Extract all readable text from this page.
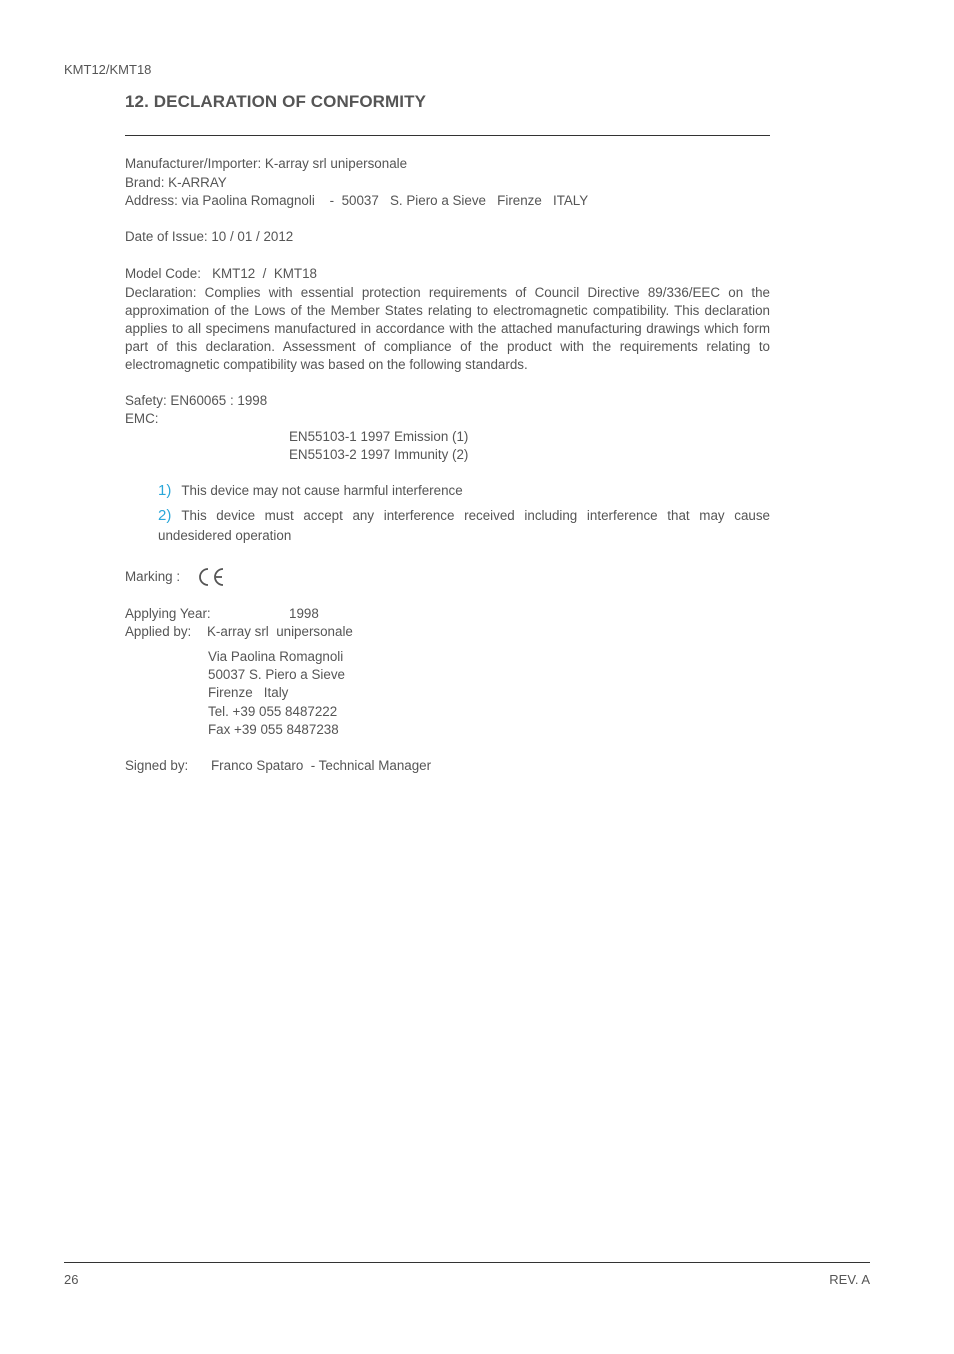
KMT12/KMT18
12. DECLARATION OF CONFORMITY
Manufacturer/Importer: K-array srl unipersonale
Brand: K-ARRAY
Address: via Paolina Romagnoli    -  50037   S. Piero a Sieve   Firenze   ITALY
Date of Issue: 10 / 01 / 2012
Model Code:   KMT12  /  KMT18
Declaration: Complies with essential protection requirements of Council Directive 89/336/EEC on the approximation of the Lows of the Member States relating to electromagnetic compatibility. This declaration applies to all specimens manufactured in accordance with the attached manufacturing drawings which form part of this declaration. Assessment of compliance of the product with the requirements relating to electromagnetic compatibility was based on the following standards.
Safety: EN60065 : 1998
EMC:
EN55103-1 1997 Emission (1)
EN55103-2 1997 Immunity (2)
1) This device may not cause harmful interference
2) This device must accept any interference received including interference that may cause undesidered operation
Marking :
Applying Year:	1998
Applied by: K-array srl  unipersonale
Via Paolina Romagnoli
50037 S. Piero a Sieve
Firenze   Italy
Tel. +39 055 8487222
Fax +39 055 8487238
Signed by: Franco Spataro  - Technical Manager
26	REV. A
